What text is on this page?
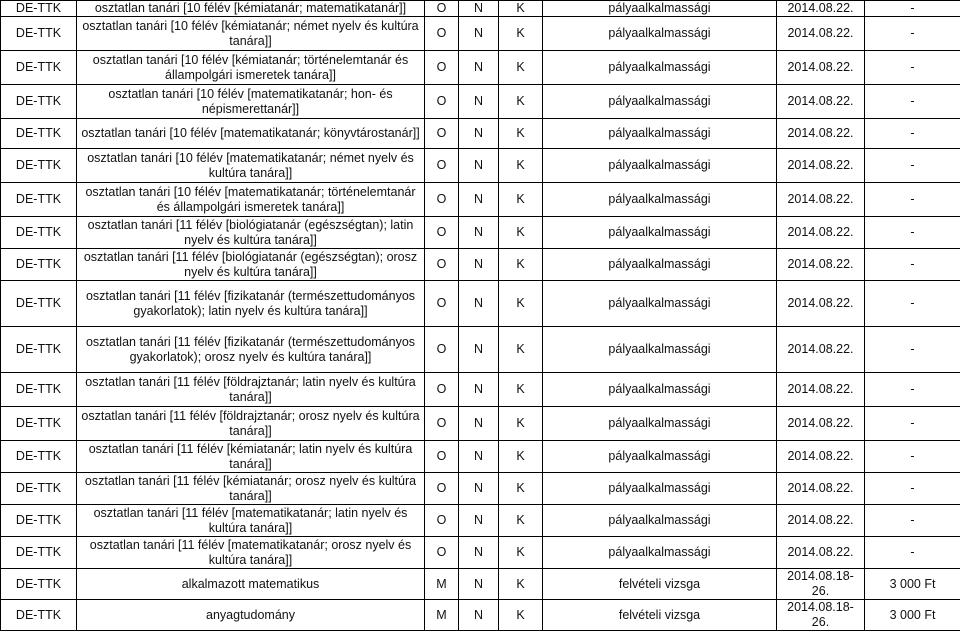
DE-TTK	osztatlan tanári [10 félév [kémiatanár; matematikatanár]]	O	N	K	pályaalkalmassági	2014.08.22.	-
DE-TTK	osztatlan tanári [10 félév [kémiatanár; német nyelv és kultúra tanára]]	O	N	K	pályaalkalmassági	2014.08.22.	-
DE-TTK	osztatlan tanári [10 félév [kémiatanár; történelemtanár és állampolgári ismeretek tanára]]	O	N	K	pályaalkalmassági	2014.08.22.	-
DE-TTK	osztatlan tanári [10 félév [matematikatanár; hon- és népismerettanár]]	O	N	K	pályaalkalmassági	2014.08.22.	-
DE-TTK	osztatlan tanári [10 félév [matematikatanár; könyvtárostanár]]	O	N	K	pályaalkalmassági	2014.08.22.	-
DE-TTK	osztatlan tanári [10 félév [matematikatanár; német nyelv és kultúra tanára]]	O	N	K	pályaalkalmassági	2014.08.22.	-
DE-TTK	osztatlan tanári [10 félév [matematikatanár; történelemtanár és állampolgári ismeretek tanára]]	O	N	K	pályaalkalmassági	2014.08.22.	-
DE-TTK	osztatlan tanári [11 félév [biológiatanár (egészségtan); latin nyelv és kultúra tanára]]	O	N	K	pályaalkalmassági	2014.08.22.	-
DE-TTK	osztatlan tanári [11 félév [biológiatanár (egészségtan); orosz nyelv és kultúra tanára]]	O	N	K	pályaalkalmassági	2014.08.22.	-
DE-TTK	osztatlan tanári [11 félév [fizikatanár (természettudományos gyakorlatok); latin nyelv és kultúra tanára]]	O	N	K	pályaalkalmassági	2014.08.22.	-
DE-TTK	osztatlan tanári [11 félév [fizikatanár (természettudományos gyakorlatok); orosz nyelv és kultúra tanára]]	O	N	K	pályaalkalmassági	2014.08.22.	-
DE-TTK	osztatlan tanári [11 félév [földrajztanár; latin nyelv és kultúra tanára]]	O	N	K	pályaalkalmassági	2014.08.22.	-
DE-TTK	osztatlan tanári [11 félév [földrajztanár; orosz nyelv és kultúra tanára]]	O	N	K	pályaalkalmassági	2014.08.22.	-
DE-TTK	osztatlan tanári [11 félév [kémiatanár; latin nyelv és kultúra tanára]]	O	N	K	pályaalkalmassági	2014.08.22.	-
DE-TTK	osztatlan tanári [11 félév [kémiatanár; orosz nyelv és kultúra tanára]]	O	N	K	pályaalkalmassági	2014.08.22.	-
DE-TTK	osztatlan tanári [11 félév [matematikatanár; latin nyelv és kultúra tanára]]	O	N	K	pályaalkalmassági	2014.08.22.	-
DE-TTK	osztatlan tanári [11 félév [matematikatanár; orosz nyelv és kultúra tanára]]	O	N	K	pályaalkalmassági	2014.08.22.	-
DE-TTK	alkalmazott matematikus	M	N	K	felvételi vizsga	2014.08.18-26.	3 000 Ft
DE-TTK	anyagtudomány	M	N	K	felvételi vizsga	2014.08.18-26.	3 000 Ft
